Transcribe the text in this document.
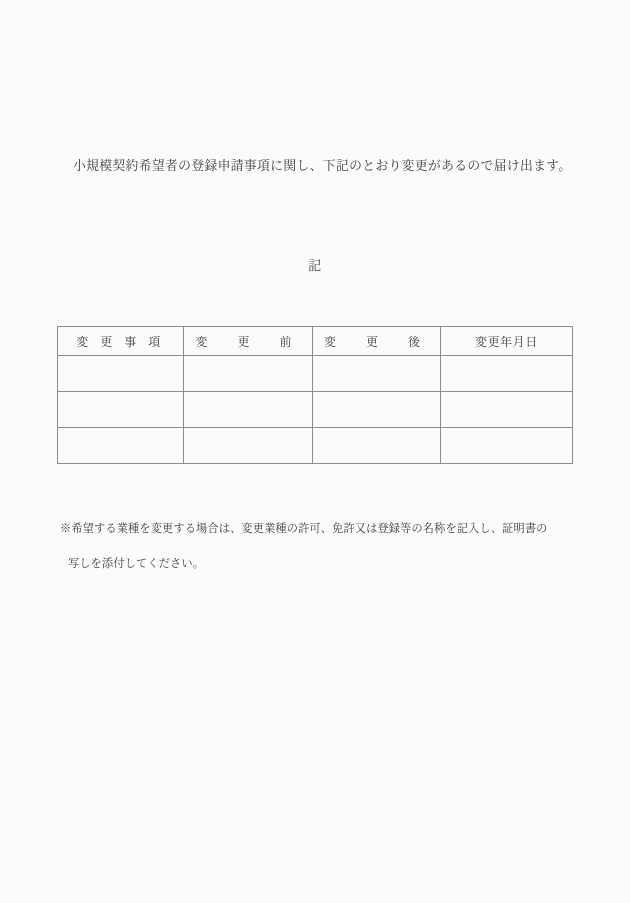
小規模契約希望者の登録申請事項に関し、下記のとおり変更があるので届け出ます。

記
変 更 事 項	変　更　前	変　更　後	変更年月日

※希望する業種を変更する場合は、変更業種の許可、免許又は登録等の名称を記入し、証明書の
写しを添付してください。
